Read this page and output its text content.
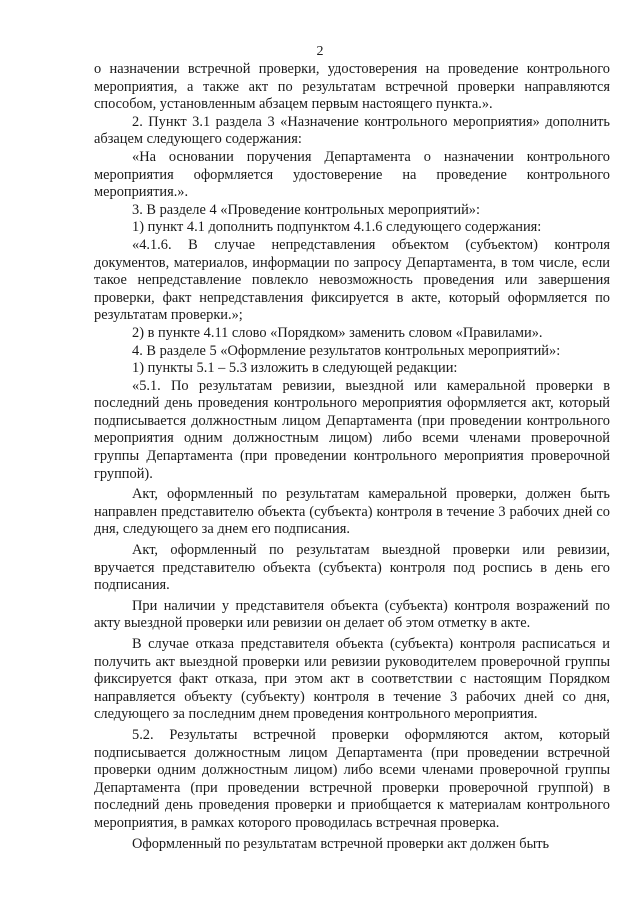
2

о назначении встречной проверки, удостоверения на проведение контрольного мероприятия, а также акт по результатам встречной проверки направляются способом, установленным абзацем первым настоящего пункта.».

2. Пункт 3.1 раздела 3 «Назначение контрольного мероприятия» дополнить абзацем следующего содержания:

«На основании поручения Департамента о назначении контрольного мероприятия оформляется удостоверение на проведение контрольного мероприятия.».

3. В разделе 4 «Проведение контрольных мероприятий»:

1) пункт 4.1 дополнить подпунктом 4.1.6 следующего содержания:

«4.1.6. В случае непредставления объектом (субъектом) контроля документов, материалов, информации по запросу Департамента, в том числе, если такое непредставление повлекло невозможность проведения или завершения проверки, факт непредставления фиксируется в акте, который оформляется по результатам проверки.»;

2) в пункте 4.11 слово «Порядком» заменить словом «Правилами».

4. В разделе 5 «Оформление результатов контрольных мероприятий»:

1) пункты 5.1 – 5.3 изложить в следующей редакции:

«5.1. По результатам ревизии, выездной или камеральной проверки в последний день проведения контрольного мероприятия оформляется акт, который подписывается должностным лицом Департамента (при проведении контрольного мероприятия одним должностным лицом) либо всеми членами проверочной группы Департамента (при проведении контрольного мероприятия проверочной группой).

Акт, оформленный по результатам камеральной проверки, должен быть направлен представителю объекта (субъекта) контроля в течение 3 рабочих дней со дня, следующего за днем его подписания.

Акт, оформленный по результатам выездной проверки или ревизии, вручается представителю объекта (субъекта) контроля под роспись в день его подписания.

При наличии у представителя объекта (субъекта) контроля возражений по акту выездной проверки или ревизии он делает об этом отметку в акте.

В случае отказа представителя объекта (субъекта) контроля расписаться и получить акт выездной проверки или ревизии руководителем проверочной группы фиксируется факт отказа, при этом акт в соответствии с настоящим Порядком направляется объекту (субъекту) контроля в течение 3 рабочих дней со дня, следующего за последним днем проведения контрольного мероприятия.

5.2. Результаты встречной проверки оформляются актом, который подписывается должностным лицом Департамента (при проведении встречной проверки одним должностным лицом) либо всеми членами проверочной группы Департамента (при проведении встречной проверки проверочной группой) в последний день проведения проверки и приобщается к материалам контрольного мероприятия, в рамках которого проводилась встречная проверка.

Оформленный по результатам встречной проверки акт должен быть
